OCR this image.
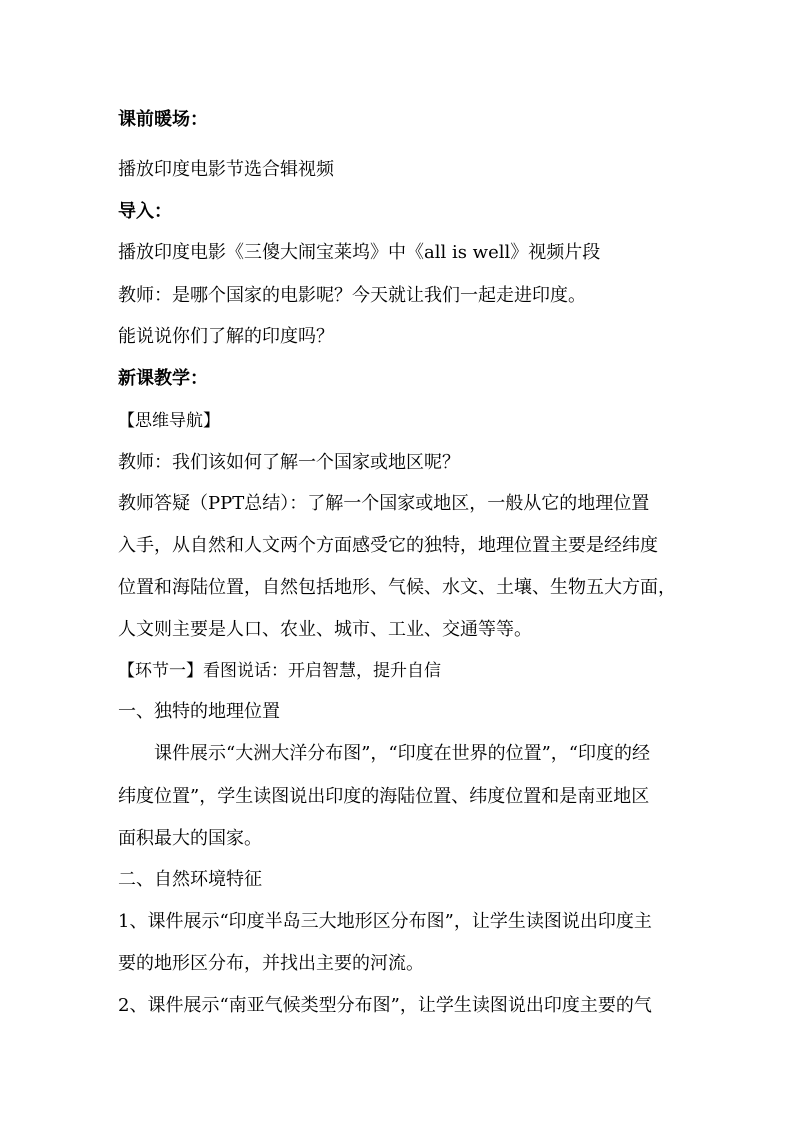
课前暖场：
播放印度电影节选合辑视频
导入：
播放印度电影《三傻大闹宝莱坞》中《all is well》视频片段
教师：是哪个国家的电影呢？今天就让我们一起走进印度。
能说说你们了解的印度吗？
新课教学：
【思维导航】
教师：我们该如何了解一个国家或地区呢？
教师答疑（PPT总结）：了解一个国家或地区，一般从它的地理位置
入手，从自然和人文两个方面感受它的独特，地理位置主要是经纬度
位置和海陆位置，自然包括地形、气候、水文、土壤、生物五大方面，
人文则主要是人口、农业、城市、工业、交通等等。
【环节一】看图说话：开启智慧，提升自信
一、独特的地理位置
课件展示“大洲大洋分布图”，“印度在世界的位置”，“印度的经
纬度位置”，学生读图说出印度的海陆位置、纬度位置和是南亚地区
面积最大的国家。
二、自然环境特征
1、课件展示“印度半岛三大地形区分布图”，让学生读图说出印度主
要的地形区分布，并找出主要的河流。
2、课件展示“南亚气候类型分布图”，让学生读图说出印度主要的气
